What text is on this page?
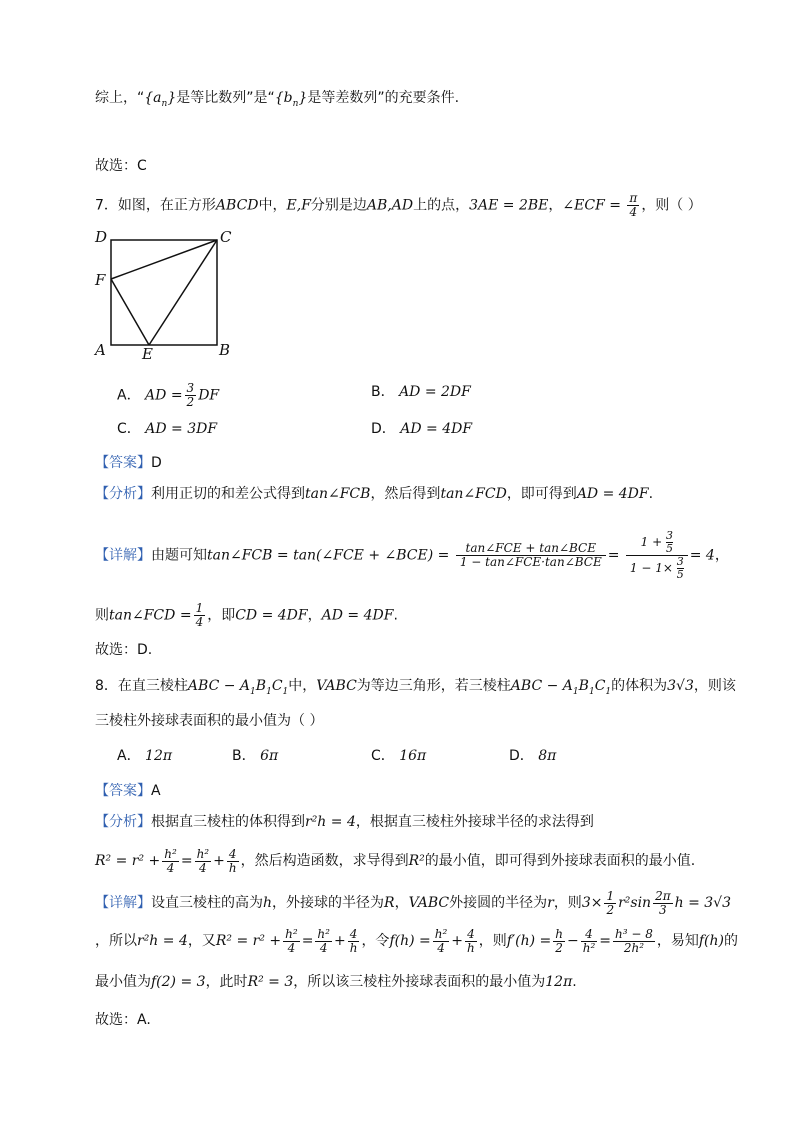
综上，“$\{a_n\}$是等比数列”是“$\{b_n\}$是等差数列”的充要条件.
故选：C
7．如图，在正方形ABCD中，E,F分别是边AB,AD上的点，3AE = 2BE，∠ECF = $\frac{\pi}{4}$ ，则（ ）
D	C
F
A E	B
A． AD = $\frac{3}{2}$ DF	B． AD = 2DF
C． AD = 3DF	D． AD = 4DF
【答案】D
【分析】利用正切的和差公式得到tan∠FCB，然后得到tan∠FCD，即可得到AD = 4DF.
【详解】由题可知tan∠FCB = tan(∠FCE + ∠BCE) = $\frac{\text{tan∠FCE + tan∠BCE}}{\text{1 − tan∠FCE·tan∠BCE}} = \frac{1 + \frac{3}{5}}{1 - 1\times \frac{3}{5}} = 4$，
则tan∠FCD = $\frac{1}{4}$ ，即CD = 4DF，AD = 4DF.
故选：D.
8．在直三棱柱ABC − $A_1B_1C_1$中，VABC为等边三角形，若三棱柱ABC − $A_1B_1C_1$的体积为3√3，则该
三棱柱外接球表面积的最小值为（ ）
A． 12π	B． 6π	C． 16π	D． 8π
【答案】A
【分析】根据直三棱柱的体积得到r²h = 4，根据直三棱柱外接球半径的求法得到
$R^2 = r^2 + \frac{\text{h²}}{4} = \frac{\text{h²}}{4} + \frac{4}{h}$ ，然后构造函数，求导得到R²的最小值，即可得到外接球表面积的最小值.
【详解】设直三棱柱的高为h，外接球的半径为R，VABC外接圆的半径为r，则$3\times \frac{1}{2} r^2\sin \frac{2\pi}{3}$ h = 3√3
，所以r²h = 4，又$R^2 = r^2 + \frac{\text{h²}}{4} = \frac{\text{h²}}{4} + \frac{4}{h}$ ，令$f(h) = \frac{\text{h²}}{4} + \frac{4}{h}$ ，则$f'(h) = \frac{h}{2} - \frac{4}{\text{h²}} = \frac{\text{h³ − 8}}{\text{2h²}}$ ，易知f(h)的
最小值为f(2) = 3，此时R² = 3，所以该三棱柱外接球表面积的最小值为12π.
故选：A.
